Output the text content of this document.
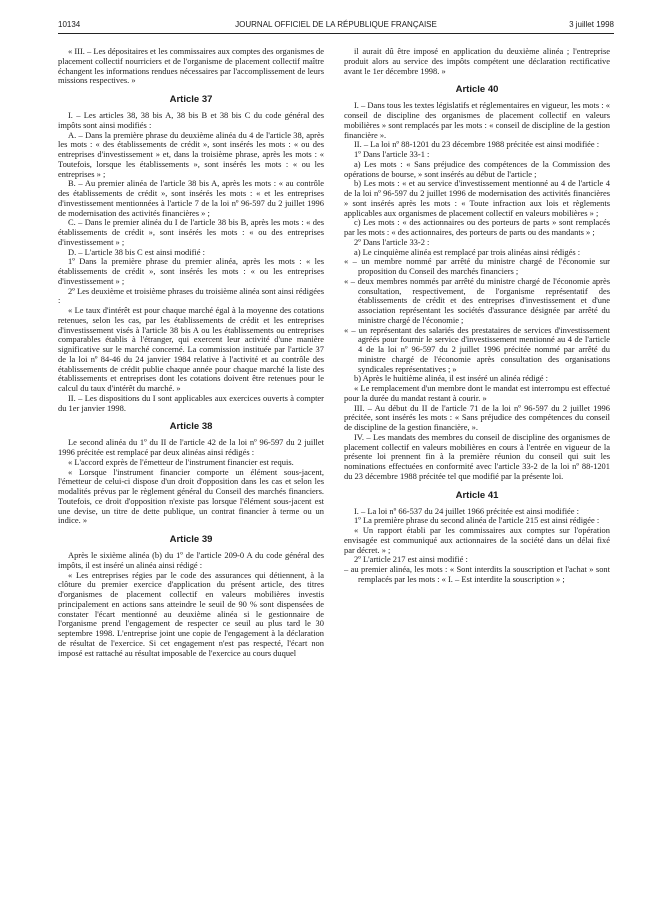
10134	JOURNAL OFFICIEL DE LA RÉPUBLIQUE FRANÇAISE	3 juillet 1998

« III. – Les dépositaires et les commissaires aux comptes des organismes de placement collectif nourriciers et de l'organisme de placement collectif maître échangent les informations rendues nécessaires par l'accomplissement de leurs missions respectives. »

Article 37

I. – Les articles 38, 38 bis A, 38 bis B et 38 bis C du code général des impôts sont ainsi modifiés :

A. – Dans la première phrase du deuxième alinéa du 4 de l'article 38, après les mots : « des établissements de crédit », sont insérés les mots : « ou des entreprises d'investissement » et, dans la troisième phrase, après les mots : « Toutefois, lorsque les établissements », sont insérés les mots : « ou les entreprises » ;

B. – Au premier alinéa de l'article 38 bis A, après les mots : « au contrôle des établissements de crédit », sont insérés les mots : « et les entreprises d'investissement mentionnées à l'article 7 de la loi nº 96-597 du 2 juillet 1996 de modernisation des activités financières » ;

C. – Dans le premier alinéa du I de l'article 38 bis B, après les mots : « des établissements de crédit », sont insérés les mots : « ou des entreprises d'investissement » ;

D. – L'article 38 bis C est ainsi modifié :

1º Dans la première phrase du premier alinéa, après les mots : « les établissements de crédit », sont insérés les mots : « ou les entreprises d'investissement » ;

2º Les deuxième et troisième phrases du troisième alinéa sont ainsi rédigées :

« Le taux d'intérêt est pour chaque marché égal à la moyenne des cotations retenues, selon les cas, par les établissements de crédit et les entreprises d'investissement visés à l'article 38 bis A ou les établissements ou entreprises comparables établis à l'étranger, qui exercent leur activité d'une manière significative sur le marché concerné. La commission instituée par l'article 37 de la loi nº 84-46 du 24 janvier 1984 relative à l'activité et au contrôle des établissements de crédit publie chaque année pour chaque marché la liste des établissements et entreprises dont les cotations doivent être retenues pour le calcul du taux d'intérêt du marché. »

II. – Les dispositions du I sont applicables aux exercices ouverts à compter du 1er janvier 1998.

Article 38

Le second alinéa du 1º du II de l'article 42 de la loi nº 96-597 du 2 juillet 1996 précitée est remplacé par deux alinéas ainsi rédigés :

« L'accord exprès de l'émetteur de l'instrument financier est requis.

« Lorsque l'instrument financier comporte un élément sous-jacent, l'émetteur de celui-ci dispose d'un droit d'opposition dans les cas et selon les modalités prévus par le règlement général du Conseil des marchés financiers. Toutefois, ce droit d'opposition n'existe pas lorsque l'élément sous-jacent est une devise, un titre de dette publique, un contrat financier à terme ou un indice. »

Article 39

Après le sixième alinéa (b) du 1º de l'article 209-0 A du code général des impôts, il est inséré un alinéa ainsi rédigé :

« Les entreprises régies par le code des assurances qui détiennent, à la clôture du premier exercice d'application du présent article, des titres d'organismes de placement collectif en valeurs mobilières investis principalement en actions sans atteindre le seuil de 90 % sont dispensées de constater l'écart mentionné au deuxième alinéa si le gestionnaire de l'organisme prend l'engagement de respecter ce seuil au plus tard le 30 septembre 1998. L'entreprise joint une copie de l'engagement à la déclaration de résultat de l'exercice. Si cet engagement n'est pas respecté, l'écart non imposé est rattaché au résultat imposable de l'exercice au cours duquel

il aurait dû être imposé en application du deuxième alinéa ; l'entreprise produit alors au service des impôts compétent une déclaration rectificative avant le 1er décembre 1998. »

Article 40

I. – Dans tous les textes législatifs et réglementaires en vigueur, les mots : « conseil de discipline des organismes de placement collectif en valeurs mobilières » sont remplacés par les mots : « conseil de discipline de la gestion financière ».

II. – La loi nº 88-1201 du 23 décembre 1988 précitée est ainsi modifiée :

1º Dans l'article 33-1 :

a) Les mots : « Sans préjudice des compétences de la Commission des opérations de bourse, » sont insérés au début de l'article ;

b) Les mots : « et au service d'investissement mentionné au 4 de l'article 4 de la loi nº 96-597 du 2 juillet 1996 de modernisation des activités financières » sont insérés après les mots : « Toute infraction aux lois et règlements applicables aux organismes de placement collectif en valeurs mobilières » ;

c) Les mots : « des actionnaires ou des porteurs de parts » sont remplacés par les mots : « des actionnaires, des porteurs de parts ou des mandants » ;

2º Dans l'article 33-2 :

a) Le cinquième alinéa est remplacé par trois alinéas ainsi rédigés :

« – un membre nommé par arrêté du ministre chargé de l'économie sur proposition du Conseil des marchés financiers ;

« – deux membres nommés par arrêté du ministre chargé de l'économie après consultation, respectivement, de l'organisme représentatif des établissements de crédit et des entreprises d'investissement et d'une association représentant les sociétés d'assurance désignée par arrêté du ministre chargé de l'économie ;

« – un représentant des salariés des prestataires de services d'investissement agréés pour fournir le service d'investissement mentionné au 4 de l'article 4 de la loi nº 96-597 du 2 juillet 1996 précitée nommé par arrêté du ministre chargé de l'économie après consultation des organisations syndicales représentatives ; »

b) Après le huitième alinéa, il est inséré un alinéa rédigé :

« Le remplacement d'un membre dont le mandat est interrompu est effectué pour la durée du mandat restant à courir. »

III. – Au début du II de l'article 71 de la loi nº 96-597 du 2 juillet 1996 précitée, sont insérés les mots : « Sans préjudice des compétences du conseil de discipline de la gestion financière, ».

IV. – Les mandats des membres du conseil de discipline des organismes de placement collectif en valeurs mobilières en cours à l'entrée en vigueur de la présente loi prennent fin à la première réunion du conseil qui suit les nominations effectuées en conformité avec l'article 33-2 de la loi nº 88-1201 du 23 décembre 1988 précitée tel que modifié par la présente loi.

Article 41

I. – La loi nº 66-537 du 24 juillet 1966 précitée est ainsi modifiée :

1º La première phrase du second alinéa de l'article 215 est ainsi rédigée :

« Un rapport établi par les commissaires aux comptes sur l'opération envisagée est communiqué aux actionnaires de la société dans un délai fixé par décret. » ;

2º L'article 217 est ainsi modifié :

– au premier alinéa, les mots : « Sont interdits la souscription et l'achat » sont remplacés par les mots : « I. – Est interdite la souscription » ;
